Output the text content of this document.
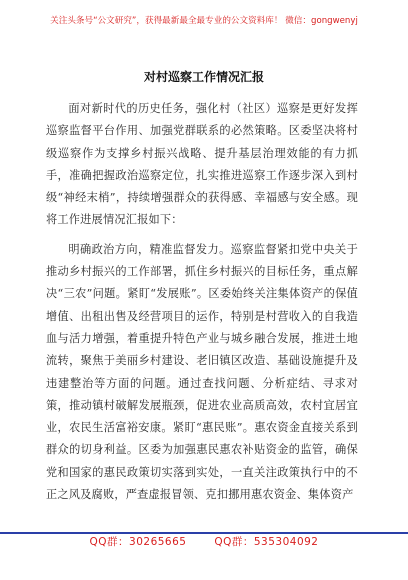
关注头条号“公文研究”，获得最新最全最专业的公文资料库！ 微信：gongwenyj
对村巡察工作情况汇报

面对新时代的历史任务，强化村（社区）巡察是更好发挥巡察监督平台作用、加强党群联系的必然策略。区委坚决将村级巡察作为支撑乡村振兴战略、提升基层治理效能的有力抓手，准确把握政治巡察定位，扎实推进巡察工作逐步深入到村级“神经末梢”，持续增强群众的获得感、幸福感与安全感。现将工作进展情况汇报如下：

明确政治方向，精准监督发力。巡察监督紧扣党中央关于推动乡村振兴的工作部署，抓住乡村振兴的目标任务，重点解决“三农”问题。紧盯“发展账”。区委始终关注集体资产的保值增值、出租出售及经营项目的运作，特别是村营收入的自我造血与活力增强，着重提升特色产业与城乡融合发展，推进土地流转，聚焦于美丽乡村建设、老旧镇区改造、基础设施提升及违建整治等方面的问题。通过查找问题、分析症结、寻求对策，推动镇村破解发展瓶颈，促进农业高质高效，农村宜居宜业，农民生活富裕安康。紧盯“惠民账”。惠农资金直接关系到群众的切身利益。区委为加强惠民惠农补贴资金的监管，确保党和国家的惠民政策切实落到实处，一直关注政策执行中的不正之风及腐败，严查虚报冒领、克扣挪用惠农资金、集体资产

QQ群：30265665	QQ群：535304092
